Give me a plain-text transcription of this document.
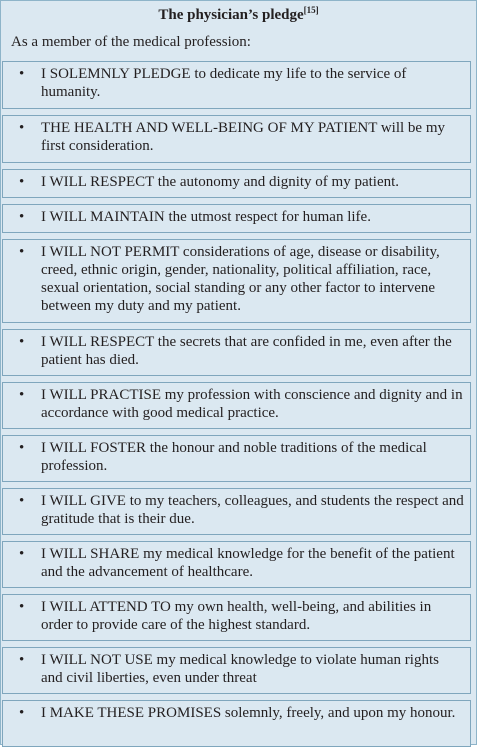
The physician’s pledge[15]
As a member of the medical profession:
• I SOLEMNLY PLEDGE to dedicate my life to the service of humanity.
• THE HEALTH AND WELL-BEING OF MY PATIENT will be my first consideration.
• I WILL RESPECT the autonomy and dignity of my patient.
• I WILL MAINTAIN the utmost respect for human life.
• I WILL NOT PERMIT considerations of age, disease or disability, creed, ethnic origin, gender, nationality, political affiliation, race, sexual orientation, social standing or any other factor to intervene between my duty and my patient.
• I WILL RESPECT the secrets that are confided in me, even after the patient has died.
• I WILL PRACTISE my profession with conscience and dignity and in accordance with good medical practice.
• I WILL FOSTER the honour and noble traditions of the medical profession.
• I WILL GIVE to my teachers, colleagues, and students the respect and gratitude that is their due.
• I WILL SHARE my medical knowledge for the benefit of the patient and the advancement of healthcare.
• I WILL ATTEND TO my own health, well-being, and abilities in order to provide care of the highest standard.
• I WILL NOT USE my medical knowledge to violate human rights and civil liberties, even under threat
• I MAKE THESE PROMISES solemnly, freely, and upon my honour.
